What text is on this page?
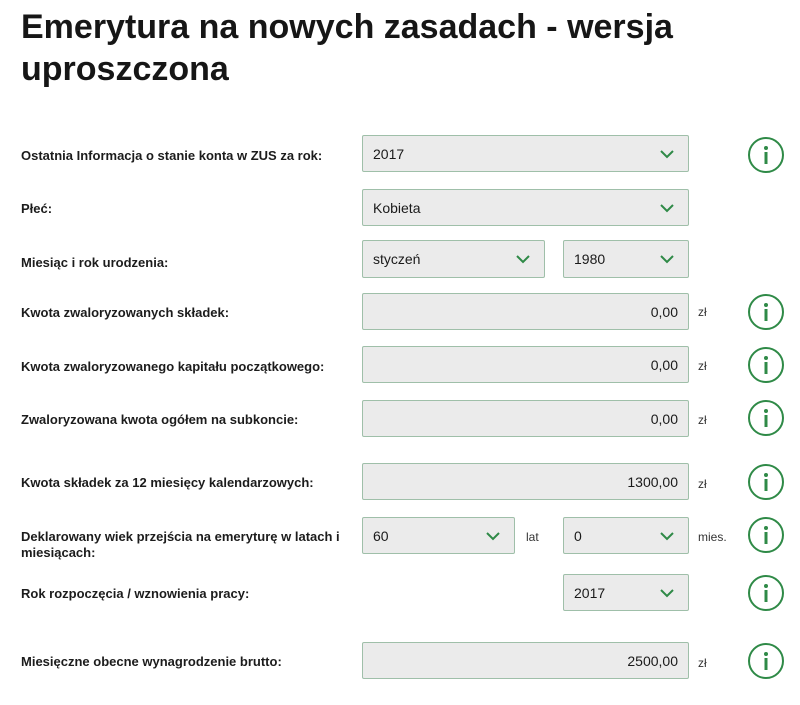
Emerytura na nowych zasadach - wersja uproszczona
Ostatnia Informacja o stanie konta w ZUS za rok:	2017
Płeć:	Kobieta
Miesiąc i rok urodzenia:	styczeń	1980
Kwota zwaloryzowanych składek:	0,00 zł
Kwota zwaloryzowanego kapitału początkowego:	0,00 zł
Zwaloryzowana kwota ogółem na subkoncie:	0,00 zł
Kwota składek za 12 miesięcy kalendarzowych:	1300,00 zł
Deklarowany wiek przejścia na emeryturę w latach i miesiącach:
60	lat	0	mies.
Rok rozpoczęcia / wznowienia pracy:	2017
Miesięczne obecne wynagrodzenie brutto:	2500,00 zł
